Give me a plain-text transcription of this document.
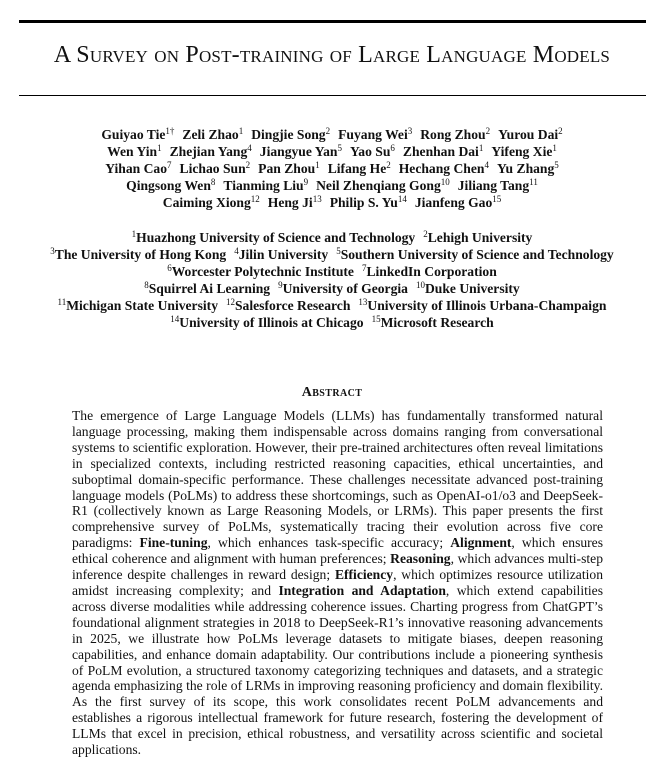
A Survey on Post-training of Large Language Models
Guiyao Tie$^{1\dagger}$ Zeli Zhao$^1$ Dingjie Song$^2$ Fuyang Wei$^3$ Rong Zhou$^2$ Yurou Dai$^2$
Wen Yin$^1$ Zhejian Yang$^4$ Jiangyue Yan$^5$ Yao Su$^6$ Zhenhan Dai$^1$ Yifeng Xie$^1$
Yihan Cao$^7$ Lichao Sun$^2$ Pan Zhou$^1$ Lifang He$^2$ Hechang Chen$^4$ Yu Zhang$^5$
Qingsong Wen$^8$ Tianming Liu$^9$ Neil Zhenqiang Gong$^{10}$ Jiliang Tang$^{11}$
Caiming Xiong$^{12}$ Heng Ji$^{13}$ Philip S. Yu$^{14}$ Jianfeng Gao$^{15}$
$^1$Huazhong University of Science and Technology $^2$Lehigh University
$^3$The University of Hong Kong $^4$Jilin University $^5$Southern University of Science and Technology
$^6$Worcester Polytechnic Institute $^7$LinkedIn Corporation
$^8$Squirrel Ai Learning $^9$University of Georgia $^{10}$Duke University
$^{11}$Michigan State University $^{12}$Salesforce Research $^{13}$University of Illinois Urbana-Champaign
$^{14}$University of Illinois at Chicago $^{15}$Microsoft Research
Abstract
The emergence of Large Language Models (LLMs) has fundamentally transformed natural language processing, making them indispensable across domains ranging from conversational systems to scientific exploration. However, their pre-trained architectures often reveal limitations in specialized contexts, including restricted reasoning capacities, ethical uncertainties, and suboptimal domain-specific performance. These challenges necessitate advanced post-training language models (PoLMs) to address these shortcomings, such as OpenAI-o1/o3 and DeepSeek-R1 (collectively known as Large Reasoning Models, or LRMs). This paper presents the first comprehensive survey of PoLMs, systematically tracing their evolution across five core paradigms: Fine-tuning, which enhances task-specific accuracy; Alignment, which ensures ethical coherence and alignment with human preferences; Reasoning, which advances multi-step inference despite challenges in reward design; Efficiency, which optimizes resource utilization amidst increasing complexity; and Integration and Adaptation, which extend capabilities across diverse modalities while addressing coherence issues. Charting progress from ChatGPT’s foundational alignment strategies in 2018 to DeepSeek-R1’s innovative reasoning advancements in 2025, we illustrate how PoLMs leverage datasets to mitigate biases, deepen reasoning capabilities, and enhance domain adaptability. Our contributions include a pioneering synthesis of PoLM evolution, a structured taxonomy categorizing techniques and datasets, and a strategic agenda emphasizing the role of LRMs in improving reasoning proficiency and domain flexibility. As the first survey of its scope, this work consolidates recent PoLM advancements and establishes a rigorous intellectual framework for future research, fostering the development of LLMs that excel in precision, ethical robustness, and versatility across scientific and societal applications.
